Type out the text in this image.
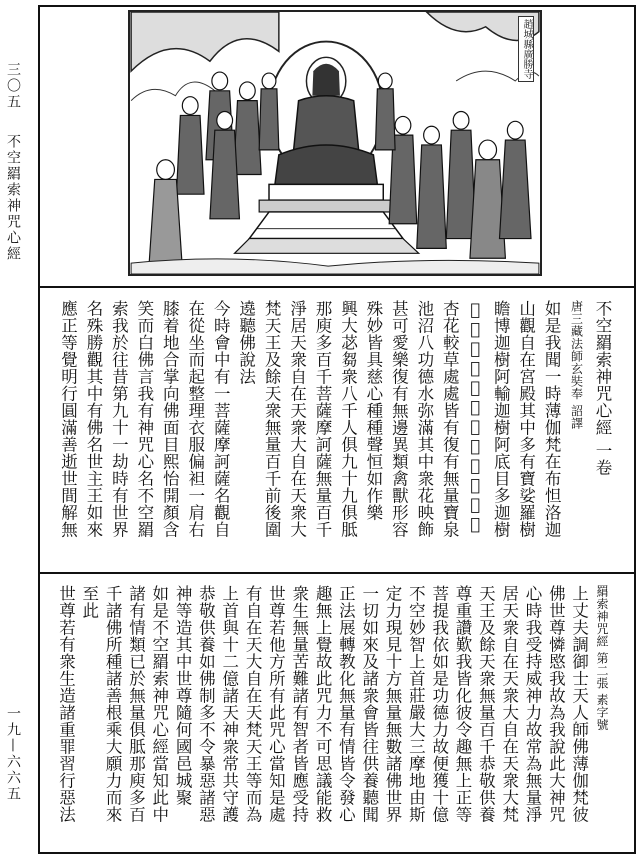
三〇五
不空羂索神咒心經
一九—六六五
趙城縣廣勝寺
不空羂索神咒心經 一卷
唐三藏法師玄奘奉 詔譯
如是我聞一時薄伽梵在布怛洛迦
山觀自在宮殿其中多有寶娑羅樹
瞻博迦樹阿輸迦樹阿底目多迦樹
𮏷樹復有無量寶樹周匝莊嚴
杏花較草處處皆有復有無量寶泉
池沼八功德水弥滿其中衆花映飾
甚可愛樂復有無邊異類禽獸形容
殊妙皆具慈心種種聲恒如作樂
興大苾芻衆八千人俱九十九俱胝
那庾多百千菩薩摩訶薩無量百千
淨居天衆自在天衆大自在天衆大
梵天王及餘天衆無量百千前後圍
遶聽佛說法
今時會中有一菩薩摩訶薩名觀自
在從坐而起整理衣服偏袒一肩右
膝着地合掌向佛面目熙怡開顏含
笑而白佛言我有神咒心名不空羂
索我於往昔第九十一劫時有世界
名殊勝觀其中有佛名世主王如來
應正等覺明行圓滿善逝世間解無
羂索神咒經 第二張 素字號
上丈夫調御士天人師佛薄伽梵彼
佛世尊憐愍我故為我說此大神咒
心時我受持威神力故常為無量淨
居天衆自在天衆大自在天衆大梵
天王及餘天衆無量百千恭敬供養
尊重讚歎我皆化彼令趣無上正等
菩提我依如是功德力故便獲十億
不空妙智上首莊嚴大三摩地由斯
定力現見十方無量無數諸佛世界
一切如來及諸衆會皆往供養聽聞
正法展轉教化無量有情皆令發心
趣無上覺故此咒力不可思議能救
衆生無量苦難諸有智者皆應受持
世尊若他方所有此咒心當知是處
有自在天大自在天梵天王等而為
上首與十二億諸天神衆常共守護
恭敬供養如佛制多不令暴惡諸惡
神等造其中世尊隨何國邑城聚
如是不空羂索神咒心經當知此中
諸有情類已於無量俱胝那庾多百
千諸佛所種諸善根乘大願力而來
至此
世尊若有衆生造諸重罪習行惡法
